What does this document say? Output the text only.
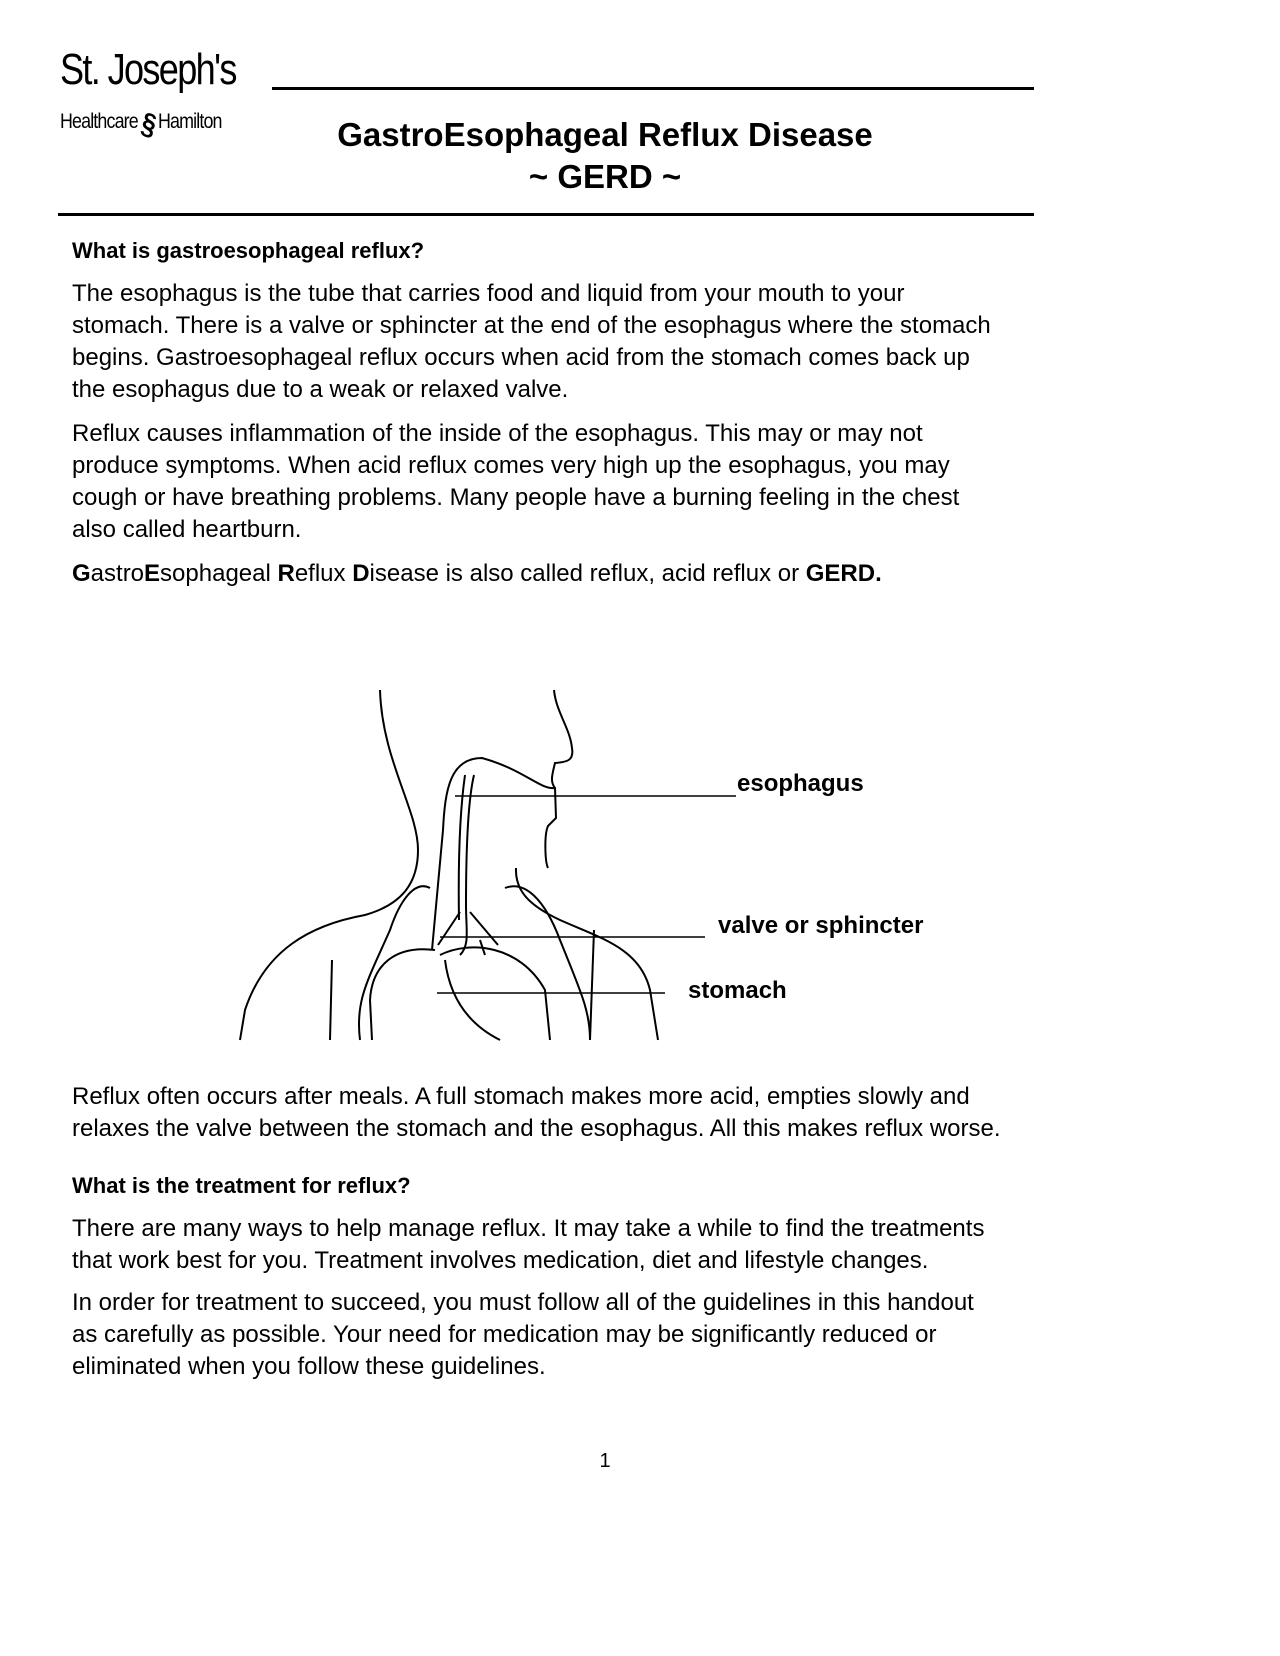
St. Joseph's
Healthcare§Hamilton	GastroEsophageal Reflux Disease
~ GERD ~
What is gastroesophageal reflux?
The esophagus is the tube that carries food and liquid from your mouth to your
stomach. There is a valve or sphincter at the end of the esophagus where the stomach
begins. Gastroesophageal reflux occurs when acid from the stomach comes back up
the esophagus due to a weak or relaxed valve.
Reflux causes inflammation of the inside of the esophagus. This may or may not
produce symptoms. When acid reflux comes very high up the esophagus, you may
cough or have breathing problems. Many people have a burning feeling in the chest
also called heartburn.
GastroEsophageal Reflux Disease is also called reflux, acid reflux or GERD.
esophagus
valve or sphincter
stomach
Reflux often occurs after meals. A full stomach makes more acid, empties slowly and
relaxes the valve between the stomach and the esophagus. All this makes reflux worse.
What is the treatment for reflux?
There are many ways to help manage reflux. It may take a while to find the treatments
that work best for you. Treatment involves medication, diet and lifestyle changes.
In order for treatment to succeed, you must follow all of the guidelines in this handout
as carefully as possible. Your need for medication may be significantly reduced or
eliminated when you follow these guidelines.
1
